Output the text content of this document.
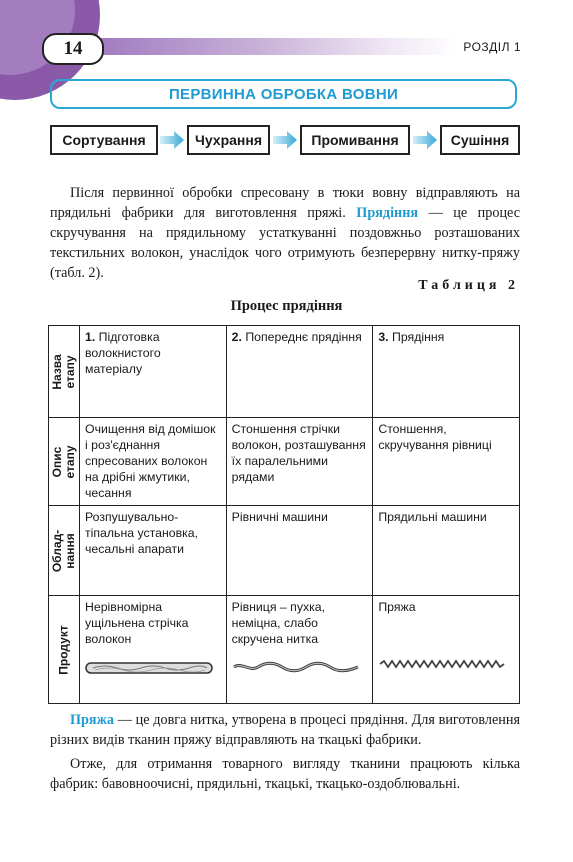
14	РОЗДІЛ 1
ПЕРВИННА ОБРОБКА ВОВНИ
Сортування	Чухрання	Промивання	Сушіння

Після первинної обробки спресовану в тюки вовну відправляють на прядильні фабрики для виготовлення пряжі. Прядіння — це процес скручування на прядильному устаткуванні поздовжньо розташованих текстильних волокон, унаслідок чого отримують безперервну нитку-пряжу (табл. 2).

Таблиця 2
Процес прядіння
Назва
етапу	1. Підготовка волокнистого матеріалу	2. Попереднє прядіння	3. Прядіння

Опис
етапу	Очищення від домішок і роз'єднання спресованих волокон на дрібні жмутики, чесання	Стоншення стрічки волокон, розташування їх паралельними рядами	Стоншення, скручування рівниці

Облад-
нання	Розпушувально-тіпальна установка, чесальні апарати	Рівничні машини	Прядильні машини

Продукт	Нерівномірна ущільнена стрічка волокон	Рівниця – пухка, неміцна, слабо скручена нитка	Пряжа

Пряжа — це довга нитка, утворена в процесі прядіння. Для виготовлення різних видів тканин пряжу відправляють на ткацькі фабрики.

Отже, для отримання товарного вигляду тканини працюють кілька фабрик: бавовноочисні, прядильні, ткацькі, ткацько-оздоблювальні.
